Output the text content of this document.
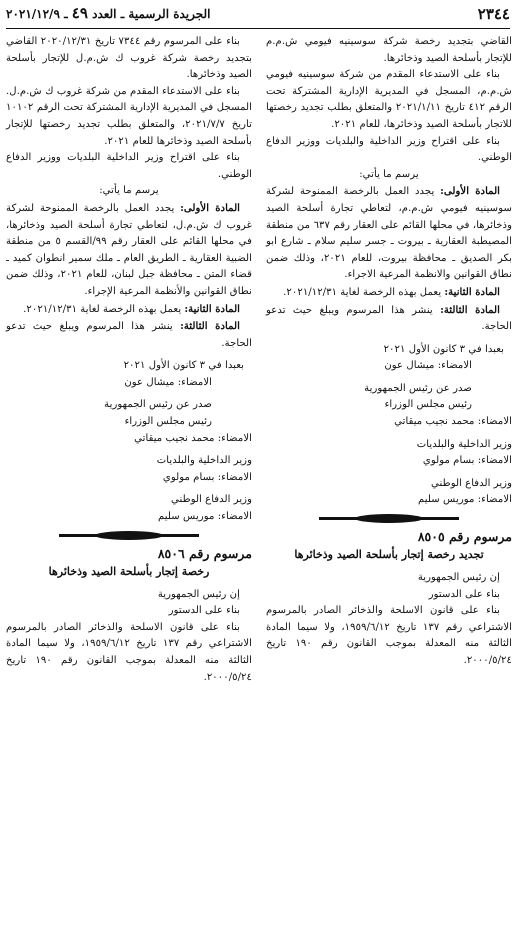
٢٣٤٤
الجريدة الرسمية ـ العدد ٤٩ ـ ٢٠٢١/١٢/٩

القاضي بتجديد رخصة شركة سوسينيه فيومي ش.م.م للإتجار بأسلحة الصيد وذخائرها.

بناء على الاستدعاء المقدم من شركة سوسينيه فيومي ش.م.م، المسجل في المديرية الإدارية المشتركة تحت الرقم ٤١٢ تاريخ ٢٠٢١/١/١١ والمتعلق بطلب تجديد رخصتها للاتجار بأسلحة الصيد وذخائرها، للعام ٢٠٢١.

بناء على اقتراح وزير الداخلية والبلديات ووزير الدفاع الوطني.

يرسم ما يأتي:

المادة الأولى: يجدد العمل بالرخصة الممنوحة لشركة سوسينيه فيومي ش.م.م، لتعاطي تجارة أسلحة الصيد وذخائرها، في محلها القائم على العقار رقم ٦٣٧ من منطقة المصيطبة العقارية ـ بيروت ـ جسر سليم سلام ـ شارع ابو بكر الصديق ـ محافظة بيروت، للعام ٢٠٢١، وذلك ضمن نطاق القوانين والانظمة المرعية الاجراء.

المادة الثانية: يعمل بهذه الرخصة لغاية ٢٠٢١/١٢/٣١.

المادة الثالثة: ينشر هذا المرسوم ويبلغ حيث تدعو الحاجة.

بعبدا في ٣ كانون الأول ٢٠٢١

الامضاء: ميشال عون

صدر عن رئيس الجمهورية

رئيس مجلس الوزراء

الامضاء: محمد نجيب ميقاتي

وزير الداخلية والبلديات

الامضاء: بسام مولوي

وزير الدفاع الوطني

الامضاء: موريس سليم

مرسوم رقم ٨٥٠٥

تجديد رخصة إتجار بأسلحة الصيد وذخائرها

إن رئيس الجمهورية

بناء على الدستور

بناء على قانون الاسلحة والذخائر الصادر بالمرسوم الاشتراعي رقم ١٣٧ تاريخ ١٩٥٩/٦/١٢، ولا سيما المادة الثالثة منه المعدلة بموجب القانون رقم ١٩٠ تاريخ ٢٠٠٠/٥/٢٤.

بناء على المرسوم رقم ٧٣٤٤ تاريخ ٢٠٢٠/١٢/٣١ القاضي بتجديد رخصة شركة غروب ك ش.م.ل للإتجار بأسلحة الصيد وذخائرها.

بناء على الاستدعاء المقدم من شركة غروب ك ش.م.ل. المسجل في المديرية الإدارية المشتركة تحت الرقم ١٠١٠٢ تاريخ ٢٠٢١/٧/٧، والمتعلق بطلب تجديد رخصتها للإتجار بأسلحة الصيد وذخائرها للعام ٢٠٢١.

بناء على اقتراح وزير الداخلية البلديات ووزير الدفاع الوطني.

يرسم ما يأتي:

المادة الأولى: يجدد العمل بالرخصة الممنوحة لشركة غروب ك ش.م.ل، لتعاطي تجارة أسلحة الصيد وذخائرها، في محلها القائم على العقار رقم ٩٩/القسم ٥ من منطقة الضبية العقارية ـ الطريق العام ـ ملك سمير انطوان كميد ـ قضاء المتن ـ محافظة جبل لبنان، للعام ٢٠٢١، وذلك ضمن نطاق القوانين والأنظمة المرعية الإجراء.

المادة الثانية: يعمل بهذه الرخصة لغاية ٢٠٢١/١٢/٣١.

المادة الثالثة: ينشر هذا المرسوم ويبلغ حيث تدعو الحاجة.

بعبدا في ٣ كانون الأول ٢٠٢١

الامضاء: ميشال عون

صدر عن رئيس الجمهورية

رئيس مجلس الوزراء

الامضاء: محمد نجيب ميقاتي

وزير الداخلية والبلديات

الامضاء: بسام مولوي

وزير الدفاع الوطني

الامضاء: موريس سليم

مرسوم رقم ٨٥٠٦

رخصة إتجار بأسلحة الصيد وذخائرها

إن رئيس الجمهورية

بناء على الدستور

بناء على قانون الاسلحة والذخائر الصادر بالمرسوم الاشتراعي رقم ١٣٧ تاريخ ١٩٥٩/٦/١٢، ولا سيما المادة الثالثة منه المعدلة بموجب القانون رقم ١٩٠ تاريخ ٢٠٠٠/٥/٢٤.
